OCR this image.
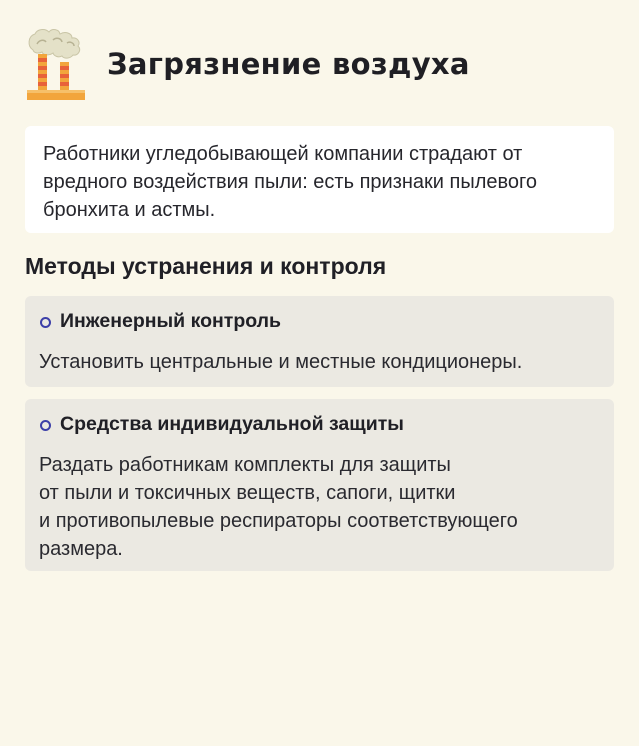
Загрязнение воздуха
Работники угледобывающей компании страдают от вредного воздействия пыли: есть признаки пылевого бронхита и астмы.
Методы устранения и контроля
Инженерный контроль
Установить центральные и местные кондиционеры.
Средства индивидуальной защиты
Раздать работникам комплекты для защиты
от пыли и токсичных веществ, сапоги, щитки
и противопылевые респираторы соответствующего
размера.
